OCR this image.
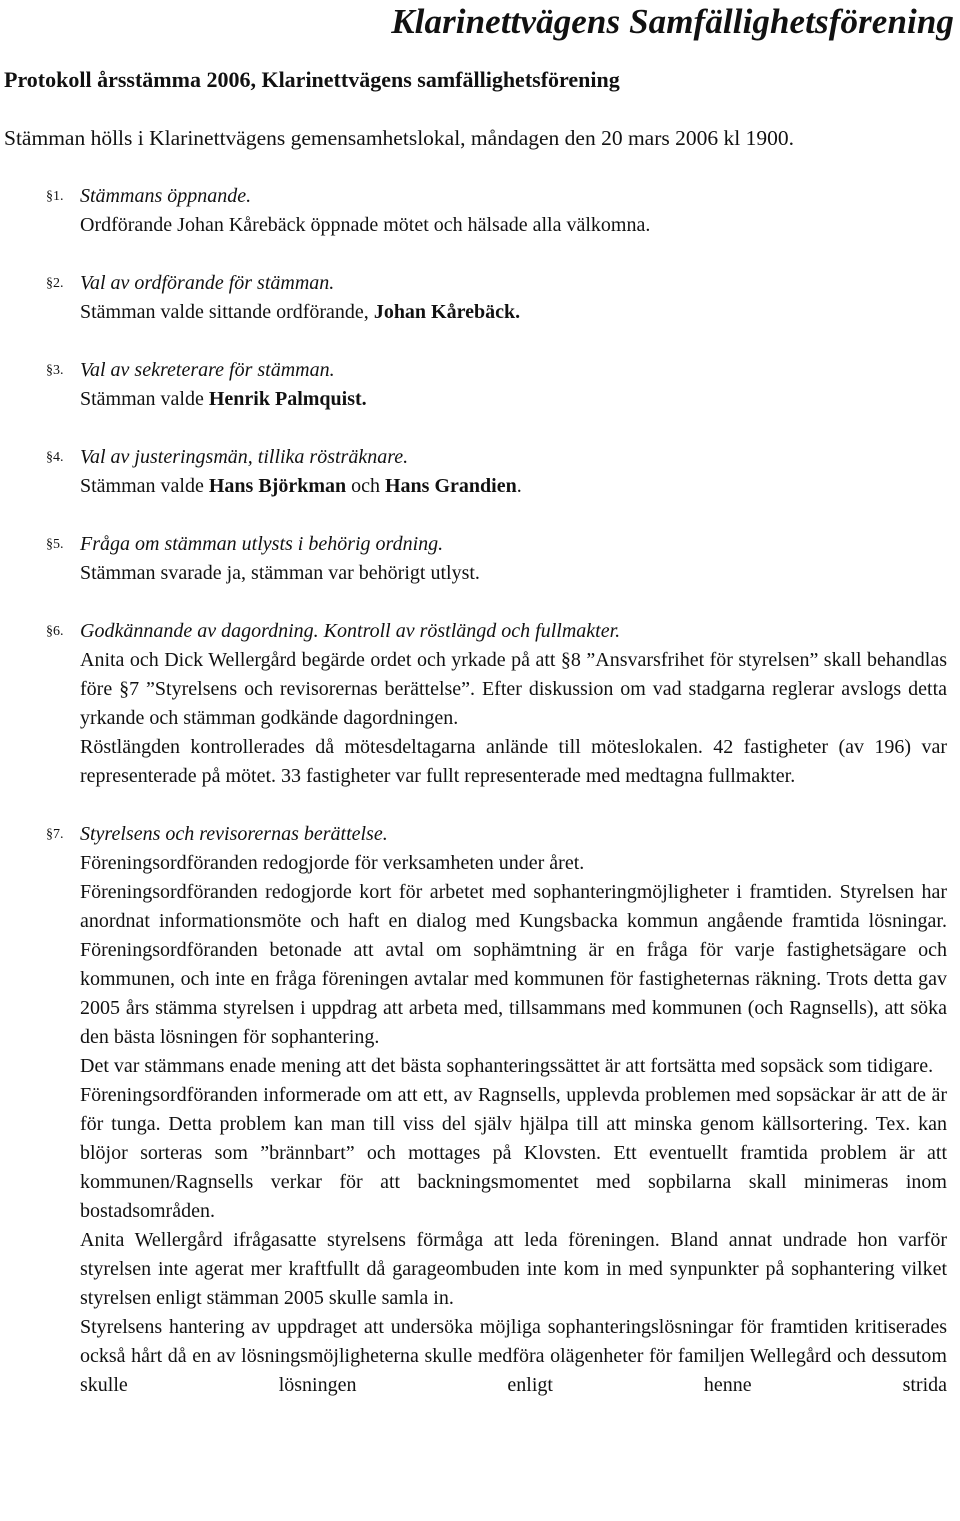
Klarinettvägens Samfällighetsförening
Protokoll årsstämma 2006, Klarinettvägens samfällighetsförening
Stämman hölls i Klarinettvägens gemensamhetslokal, måndagen den 20 mars 2006 kl 1900.
§1. Stämmans öppnande.
Ordförande Johan Kårebäck öppnade mötet och hälsade alla välkomna.
§2. Val av ordförande för stämman.
Stämman valde sittande ordförande, Johan Kårebäck.
§3. Val av sekreterare för stämman.
Stämman valde Henrik Palmquist.
§4. Val av justeringsmän, tillika rösträknare.
Stämman valde Hans Björkman och Hans Grandien.
§5. Fråga om stämman utlysts i behörig ordning.
Stämman svarade ja, stämman var behörigt utlyst.
§6. Godkännande av dagordning. Kontroll av röstlängd och fullmakter.

Anita och Dick Wellergård begärde ordet och yrkade på att §8 ”Ansvarsfrihet för styrelsen” skall behandlas före §7 ”Styrelsens och revisorernas berättelse”. Efter diskussion om vad stadgarna reglerar avslogs detta yrkande och stämman godkände dagordningen.

Röstlängden kontrollerades då mötesdeltagarna anlände till möteslokalen. 42 fastigheter (av 196) var representerade på mötet. 33 fastigheter var fullt representerade med medtagna fullmakter.

§7. Styrelsens och revisorernas berättelse.

Föreningsordföranden redogjorde för verksamheten under året.

Föreningsordföranden redogjorde kort för arbetet med sophanteringmöjligheter i framtiden. Styrelsen har anordnat informationsmöte och haft en dialog med Kungsbacka kommun angående framtida lösningar. Föreningsordföranden betonade att avtal om sophämtning är en fråga för varje fastighetsägare och kommunen, och inte en fråga föreningen avtalar med kommunen för fastigheternas räkning. Trots detta gav 2005 års stämma styrelsen i uppdrag att arbeta med, tillsammans med kommunen (och Ragnsells), att söka den bästa lösningen för sophantering.

Det var stämmans enade mening att det bästa sophanteringssättet är att fortsätta med sopsäck som tidigare.

Föreningsordföranden informerade om att ett, av Ragnsells, upplevda problemen med sopsäckar är att de är för tunga. Detta problem kan man till viss del själv hjälpa till att minska genom källsortering. Tex. kan blöjor sorteras som ”brännbart” och mottages på Klovsten. Ett eventuellt framtida problem är att kommunen/Ragnsells verkar för att backningsmomentet med sopbilarna skall minimeras inom bostadsområden.

Anita Wellergård ifrågasatte styrelsens förmåga att leda föreningen. Bland annat undrade hon varför styrelsen inte agerat mer kraftfullt då garageombuden inte kom in med synpunkter på sophantering vilket styrelsen enligt stämman 2005 skulle samla in.

Styrelsens hantering av uppdraget att undersöka möjliga sophanteringslösningar för framtiden kritiserades också hårt då en av lösningsmöjligheterna skulle medföra olägenheter för familjen Wellegård och dessutom skulle lösningen enligt henne strida
